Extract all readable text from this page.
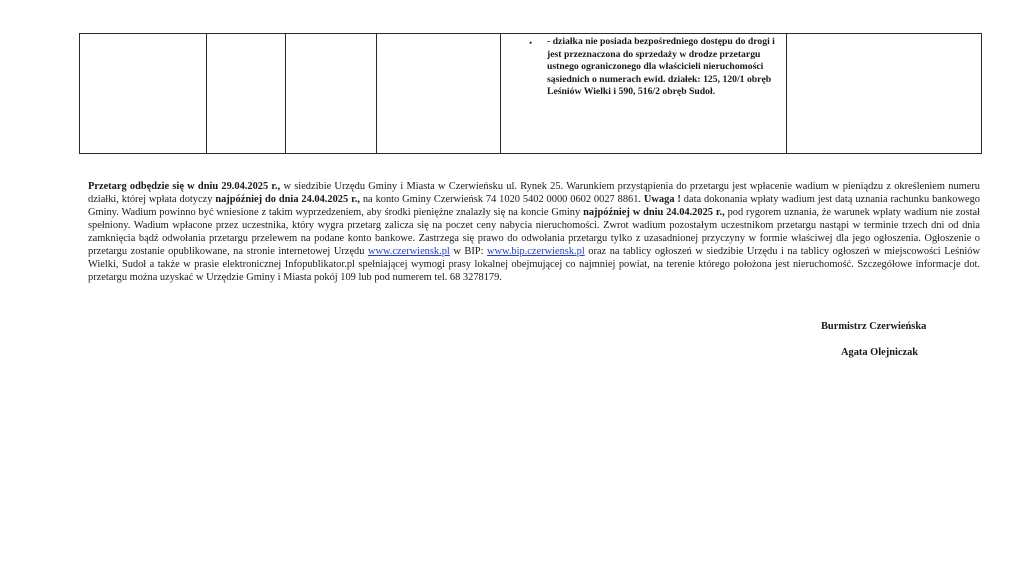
• - działka nie posiada bezpośredniego dostępu do drogi i jest przeznaczona do sprzedaży w drodze przetargu ustnego ograniczonego dla właścicieli nieruchomości sąsiednich o numerach ewid. działek: 125, 120/1 obręb Leśniów Wielki i 590, 516/2 obręb Sudoł.

Przetarg odbędzie się w dniu 29.04.2025 r., w siedzibie Urzędu Gminy i Miasta w Czerwieńsku ul. Rynek 25. Warunkiem przystąpienia do przetargu jest wpłacenie wadium w pieniądzu z określeniem numeru działki, której wpłata dotyczy najpóźniej do dnia 24.04.2025 r., na konto Gminy Czerwieńsk 74 1020 5402 0000 0602 0027 8861. Uwaga ! data dokonania wpłaty wadium jest datą uznania rachunku bankowego Gminy. Wadium powinno być wniesione z takim wyprzedzeniem, aby środki pieniężne znalazły się na koncie Gminy najpóźniej w dniu 24.04.2025 r., pod rygorem uznania, że warunek wpłaty wadium nie został spełniony. Wadium wpłacone przez uczestnika, który wygra przetarg zalicza się na poczet ceny nabycia nieruchomości. Zwrot wadium pozostałym uczestnikom przetargu nastąpi w terminie trzech dni od dnia zamknięcia bądź odwołania przetargu przelewem na podane konto bankowe. Zastrzega się prawo do odwołania przetargu tylko z uzasadnionej przyczyny w formie właściwej dla jego ogłoszenia. Ogłoszenie o przetargu zostanie opublikowane, na stronie internetowej Urzędu www.czerwiensk.pl w BIP: www.bip.czerwiensk.pl oraz na tablicy ogłoszeń w siedzibie Urzędu i na tablicy ogłoszeń w miejscowości Leśniów Wielki, Sudoł a także w prasie elektronicznej Infopublikator.pl spełniającej wymogi prasy lokalnej obejmującej co najmniej powiat, na terenie którego położona jest nieruchomość. Szczegółowe informacje dot. przetargu można uzyskać w Urzędzie Gminy i Miasta pokój 109 lub pod numerem tel. 68 3278179.

Burmistrz Czerwieńska
Agata Olejniczak
